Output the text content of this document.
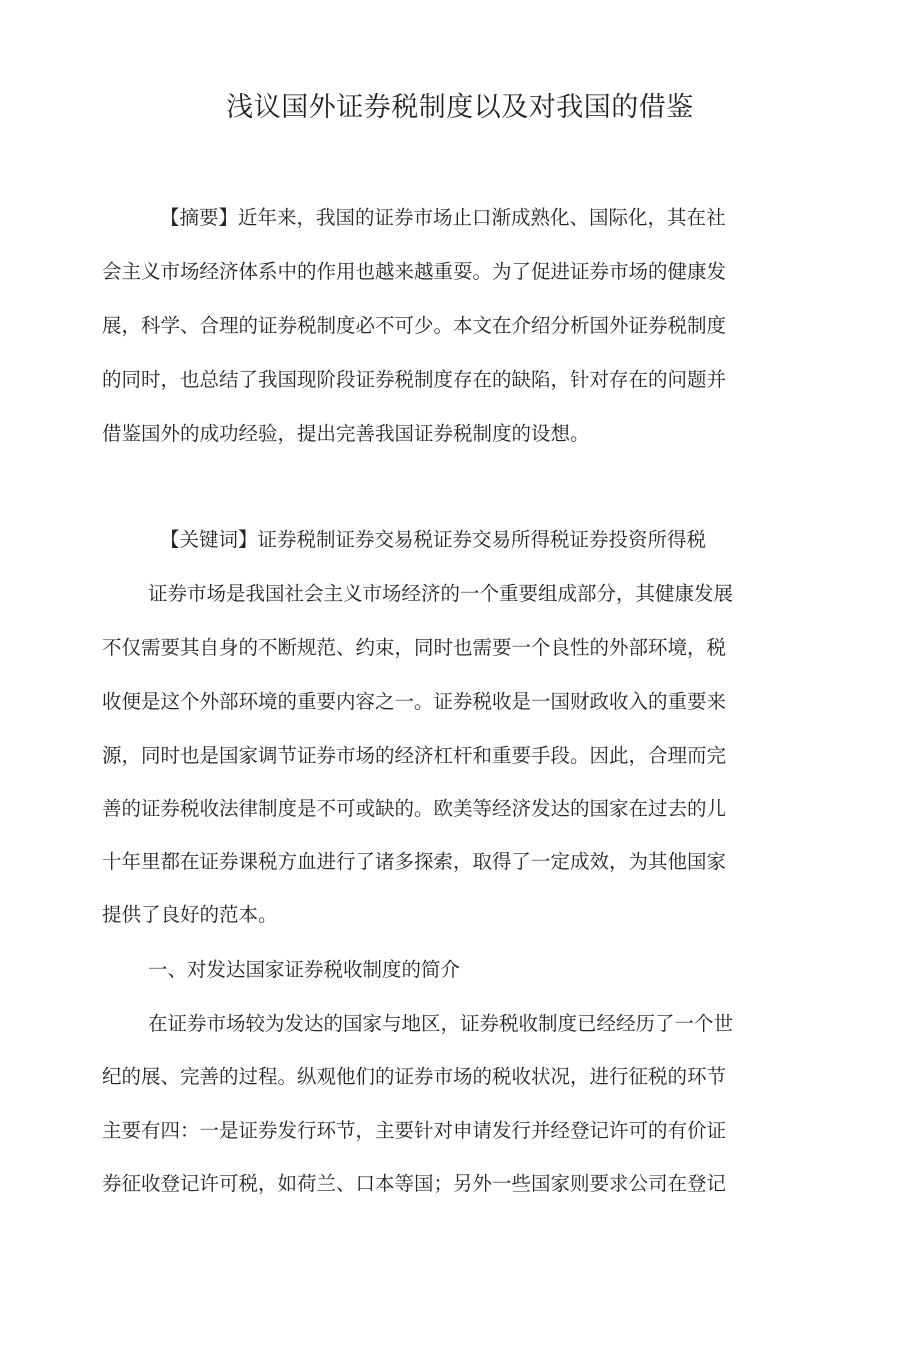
浅议国外证券税制度以及对我国的借鉴

【摘要】近年来，我国的证券市场止口渐成熟化、国际化，其在社

会主义市场经济体系中的作用也越来越重耍。为了促进证券市场的健康发

展，科学、合理的证券税制度必不可少。本文在介绍分析国外证券税制度

的同时，也总结了我国现阶段证券税制度存在的缺陷，针对存在的问题并

借鉴国外的成功经验，提出完善我国证券税制度的设想。

【关键词】证券税制证券交易税证券交易所得税证券投资所得税

证券市场是我国社会主义市场经济的一个重要组成部分，其健康发展

不仅需要其自身的不断规范、约束，同时也需要一个良性的外部环境，税

收便是这个外部环境的重要内容之一。证券税收是一国财政收入的重要来

源，同时也是国家调节证券市场的经济杠杆和重要手段。因此，合理而完

善的证券税收法律制度是不可或缺的。欧美等经济发达的国家在过去的儿

十年里都在证券课税方血进行了诸多探索，取得了一定成效，为其他国家

提供了良好的范本。

一、对发达国家证券税收制度的简介

在证券市场较为发达的国家与地区，证券税收制度已经经历了一个世

纪的展、完善的过程。纵观他们的证券市场的税收状况，进行征税的环节

主要有四：一是证券发行环节，主要针对申请发行并经登记许可的有价证

券征收登记许可税，如荷兰、口本等国；另外一些国家则要求公司在登记
